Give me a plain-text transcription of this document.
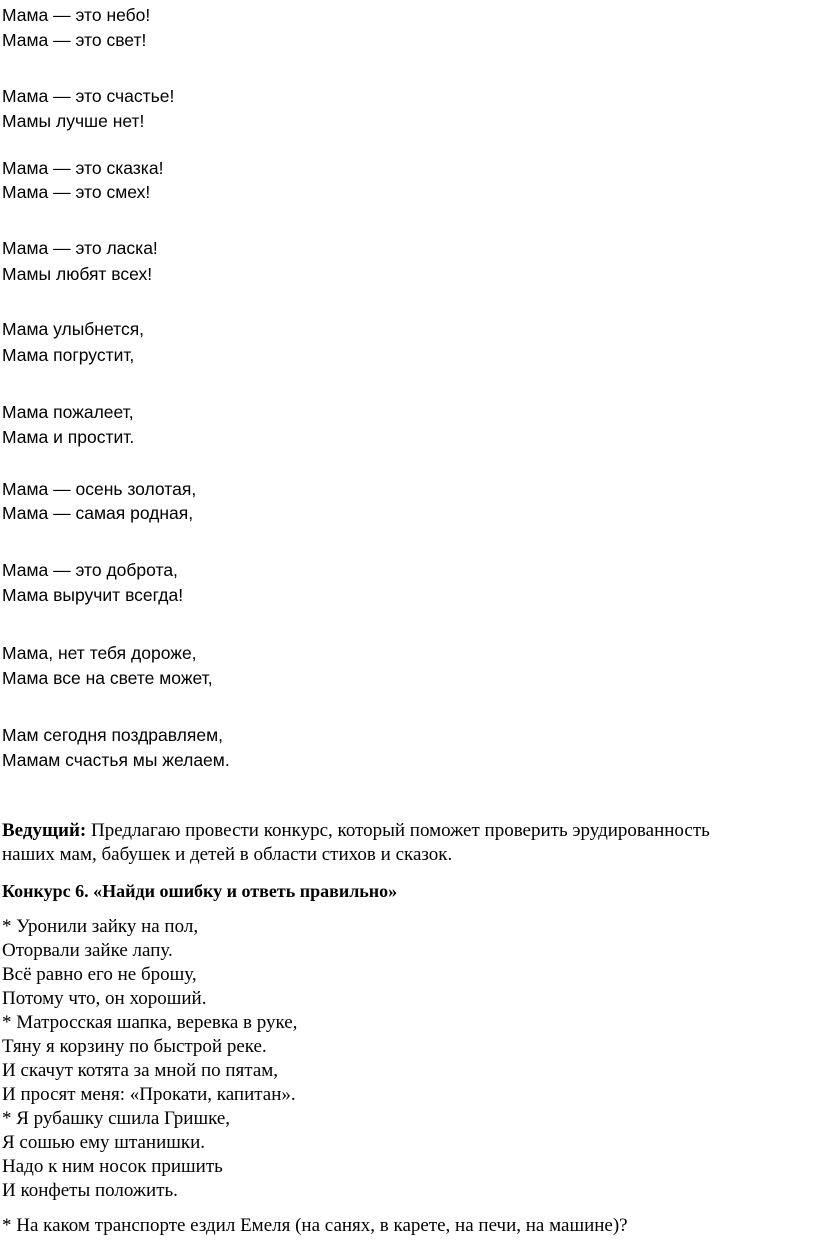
Мама — это небо!
Мама — это свет!
Мама — это счастье!
Мамы лучше нет!
Мама — это сказка!
Мама — это смех!
Мама — это ласка!
Мамы любят всех!
Мама улыбнется,
Мама погрустит,
Мама пожалеет,
Мама и простит.
Мама — осень золотая,
Мама — самая родная,
Мама — это доброта,
Мама выручит всегда!
Мама, нет тебя дороже,
Мама все на свете может,
Мам сегодня поздравляем,
Мамам счастья мы желаем.
Ведущий: Предлагаю провести конкурс, который поможет проверить эрудированность
наших мам, бабушек и детей в области стихов и сказок.
Конкурс 6. «Найди ошибку и ответь правильно»
* Уронили зайку на пол,
Оторвали зайке лапу.
Всё равно его не брошу,
Потому что, он хороший.
* Матросская шапка, веревка в руке,
Тяну я корзину по быстрой реке.
И скачут котята за мной по пятам,
И просят меня: «Прокати, капитан».
* Я рубашку сшила Гришке,
Я сошью ему штанишки.
Надо к ним носок пришить
И конфеты положить.
* На каком транспорте ездил Емеля (на санях, в карете, на печи, на машине)?
